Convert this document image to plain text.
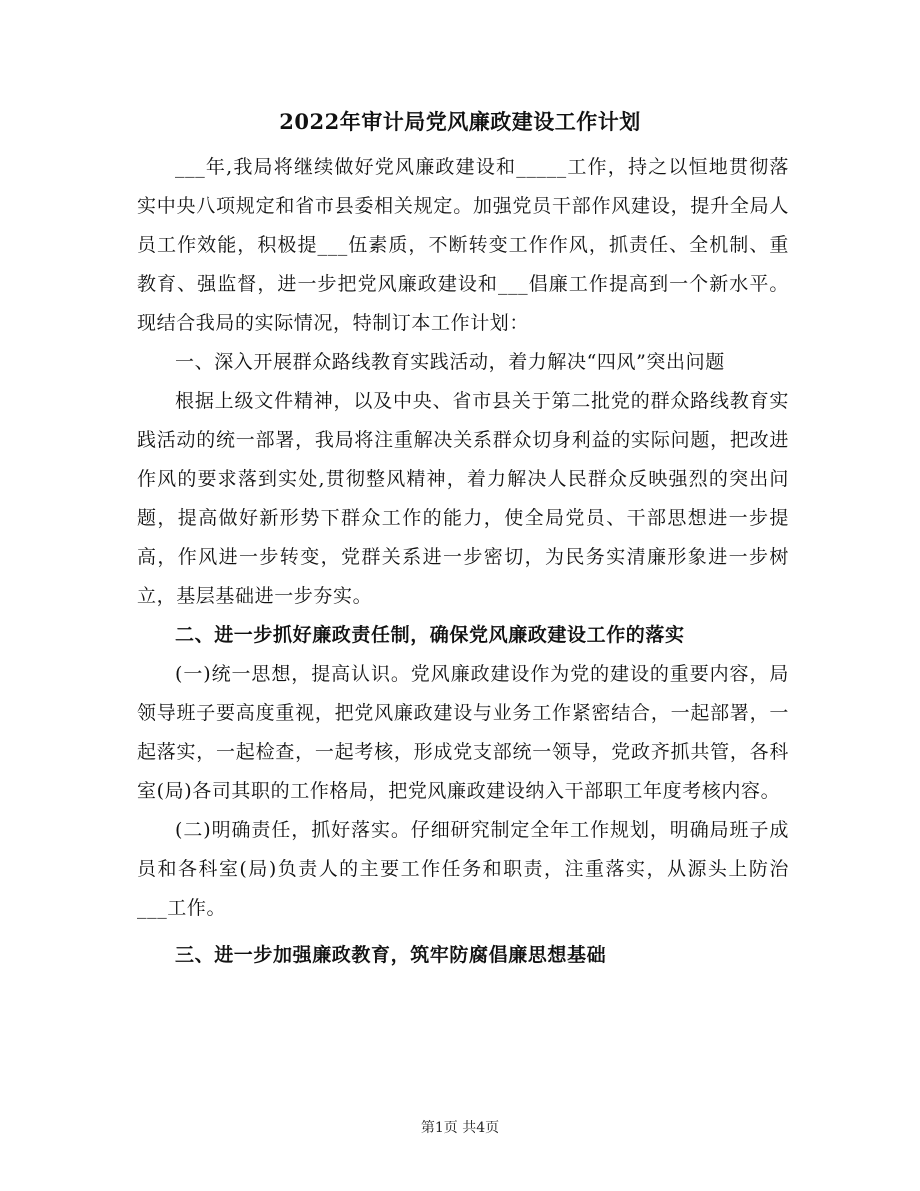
2022年审计局党风廉政建设工作计划

___年,我局将继续做好党风廉政建设和_____工作，持之以恒地贯彻落实中央八项规定和省市县委相关规定。加强党员干部作风建设，提升全局人员工作效能，积极提___伍素质，不断转变工作作风，抓责任、全机制、重教育、强监督，进一步把党风廉政建设和___倡廉工作提高到一个新水平。现结合我局的实际情况，特制订本工作计划：

一、深入开展群众路线教育实践活动，着力解决“四风”突出问题

根据上级文件精神，以及中央、省市县关于第二批党的群众路线教育实践活动的统一部署，我局将注重解决关系群众切身利益的实际问题，把改进作风的要求落到实处,贯彻整风精神，着力解决人民群众反映强烈的突出问题，提高做好新形势下群众工作的能力，使全局党员、干部思想进一步提高，作风进一步转变，党群关系进一步密切，为民务实清廉形象进一步树立，基层基础进一步夯实。

二、进一步抓好廉政责任制，确保党风廉政建设工作的落实

(一)统一思想，提高认识。党风廉政建设作为党的建设的重要内容，局领导班子要高度重视，把党风廉政建设与业务工作紧密结合，一起部署，一起落实，一起检查，一起考核，形成党支部统一领导，党政齐抓共管，各科室(局)各司其职的工作格局，把党风廉政建设纳入干部职工年度考核内容。

(二)明确责任，抓好落实。仔细研究制定全年工作规划，明确局班子成员和各科室(局)负责人的主要工作任务和职责，注重落实，从源头上防治___工作。

三、进一步加强廉政教育，筑牢防腐倡廉思想基础

第1页 共4页
